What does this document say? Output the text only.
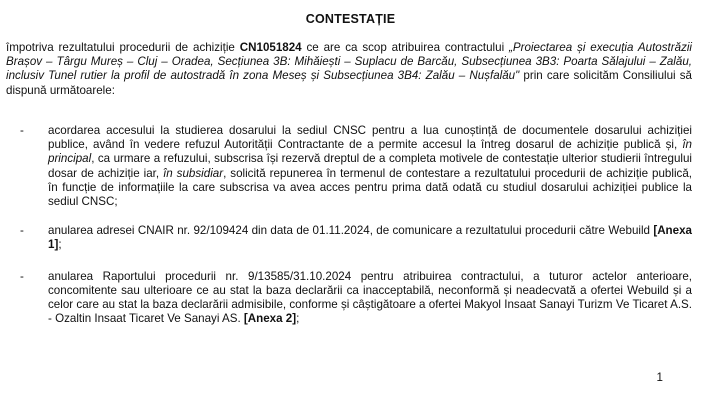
CONTESTAȚIE
împotriva rezultatului procedurii de achiziție CN1051824 ce are ca scop atribuirea contractului „Proiectarea și execuția Autostrăzii Brașov – Târgu Mureș – Cluj – Oradea, Secțiunea 3B: Mihăiești – Suplacu de Barcău, Subsecțiunea 3B3: Poarta Sălajului – Zalău, inclusiv Tunel rutier la profil de autostradă în zona Meseș și Subsecțiunea 3B4: Zalău – Nușfalău" prin care solicităm Consiliului să dispună următoarele:
- acordarea accesului la studierea dosarului la sediul CNSC pentru a lua cunoștință de documentele dosarului achiziției publice, având în vedere refuzul Autorității Contractante de a permite accesul la întreg dosarul de achiziție publică și, în principal, ca urmare a refuzului, subscrisa își rezervă dreptul de a completa motivele de contestație ulterior studierii întregului dosar de achiziție iar, în subsidiar, solicită repunerea în termenul de contestare a rezultatului procedurii de achiziție publică, în funcție de informațiile la care subscrisa va avea acces pentru prima dată odată cu studiul dosarului achiziției publice la sediul CNSC;
- anularea adresei CNAIR nr. 92/109424 din data de 01.11.2024, de comunicare a rezultatului procedurii către Webuild [Anexa 1];
- anularea Raportului procedurii nr. 9/13585/31.10.2024 pentru atribuirea contractului, a tuturor actelor anterioare, concomitente sau ulterioare ce au stat la baza declarării ca inacceptabilă, neconformă și neadecvată a ofertei Webuild și a celor care au stat la baza declarării admisibile, conforme și câștigătoare a ofertei Makyol Insaat Sanayi Turizm Ve Ticaret A.S. - Ozaltin Insaat Ticaret Ve Sanayi AS. [Anexa 2];
1
